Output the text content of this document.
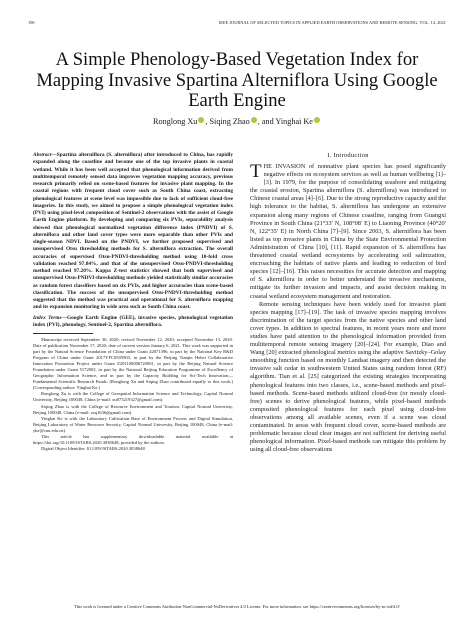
190	IEEE JOURNAL OF SELECTED TOPICS IN APPLIED EARTH OBSERVATIONS AND REMOTE SENSING, VOL. 14, 2021
A Simple Phenology-Based Vegetation Index for Mapping Invasive Spartina Alterniflora Using Google Earth Engine
Ronglong Xu , Siqing Zhao , and Yinghai Ke
Abstract—Spartina alterniflora (S. alterniflora) after introduced to China, has rapidly expanded along the coastline and become one of the top invasive plants in coastal wetland. While it has been well accepted that phenological information derived from multitemporal remotely sensed data improves vegetation mapping accuracy, previous research primarily relied on scene-based features for invasive plant mapping. In the coastal regions with frequent cloud cover such as South China coast, extracting phenological features at scene level was impossible due to lack of sufficient cloud-free imageries. In this study, we aimed to propose a simple phenological vegetation index (PVI) using pixel-level composition of Sentinel-2 observations with the assist of Google Earth Engine platform. By developing and comparing six PVIs, separability analysis showed that phenological normalized vegetation difference index (PNDVI) of S. alterniflora and other land cover types were more separable than other PVIs and single-season NDVI. Based on the PNDVI, we further proposed supervised and unsupervised Otsu thresholding methods for S. alterniflora extraction. The overall accuracies of supervised Otsu-PNDVI-thresholding method using 10-fold cross validation reached 97.84%, and that of the unsupervised Otsu-PNDVI-thresholding method reached 97.20%. Kappa Z-test statistics showed that both supervised and unsupervised Otsu-PNDVI-thresholding methods yielded statistically similar accuracies as random forest classifiers based on six PVIs, and higher accuracies than scene-based classification. The success of the unsupervised Otsu-PNDVI-thresholding method suggested that the method was practical and operational for S. alterniflora mapping and its expansion monitoring in wide area such as South China coast.
Index Terms—Google Earth Engine (GEE), invasive species, phenological vegetation index (PVI), phenology, Sentinel-2, Spartina alterniflora.

Manuscript received September 30, 2020; revised November 12, 2020; accepted November 13, 2020. Date of publication November 17, 2020; date of current version January 6, 2021. This work was supported in part by the Natural Science Foundation of China under Grant 42071396, in part by the National Key R&D Program of China under Grant 2017YFC0505903, in part by the Beijing Tianjin Hebei Collaborative Innovation Promotion Project under Grant Z201100006720001, in part by the Beijing Natural Science Foundation under Grant 5172002, in part by the National Beijing Education Programme of Excellency of Geographic Information Science, and in part by the Capacity Building for Sci-Tech Innovation—Fundamental Scientific Research Funds. (Ronglong Xu and Siqing Zhao contributed equally to this work.) (Corresponding author: Yinghai Ke.)

Ronglong Xu is with the College of Geospatial Information Science and Technology, Capital Normal University, Beijing 100048, China (e-mail: xu875219327@gmail.com).

Siqing Zhao is with the College of Resource Environment and Tourism, Capital Normal University, Beijing 100048, China (e-mail: zsq1636@gmail.com).

Yinghai Ke is with the Laboratory Cultivation Base of Environment Process and Digital Simulation, Beijing Laboratory of Water Resource Security, Capital Normal University, Beijing 100048, China (e-mail: yke@cnu.edu.cn).

This article has supplementary downloadable material available at https://doi.org/10.1109/JSTARS.2020.3038648, provided by the authors.

Digital Object Identifier 10.1109/JSTARS.2020.3038648

I. Introduction

THE INVASION of nonnative plant species has posed significantly negative effects on ecosystem services as well as human wellbeing [1]–[3]. In 1979, for the purpose of consolidating seashore and mitigating the coastal erosion, Spartina alterniflora (S. alterniflora) was introduced to Chinese coastal areas [4]–[6]. Due to the strong reproductive capacity and the high tolerance to the habitat, S. alterniflora has undergone an extensive expansion along many regions of Chinese coastline, ranging from Guangxi Province in South China (21°33′ N, 108°08′ E) to Liaoning Province (40°20′ N, 122°35′ E) in North China [7]–[9]. Since 2003, S. alterniflora has been listed as top invasive plants in China by the State Environmental Protection Administration of China [10], [11]. Rapid expansion of S. alterniflora has threatened coastal wetland ecosystems by accelerating soil salinization, encroaching the habitats of native plants and leading to reduction of bird species [12]–[16]. This raises necessities for accurate detection and mapping of S. alterniflora in order to better understand the invasive mechanisms, mitigate its further invasion and impacts, and assist decision making in coastal wetland ecosystem management and restoration.

Remote sensing techniques have been widely used for invasive plant species mapping [17]–[19]. The task of invasive species mapping involves discrimination of the target species from the native species and other land cover types. In addition to spectral features, in recent years more and more studies have paid attention to the phenological information provided from multitemporal remote sensing imagery [20]–[24]. For example, Diao and Wang [20] extracted phenological metrics using the adaptive Savitzky–Golay smoothing function based on monthly Landsat imagery and then detected the invasive salt cedar in southwestern United States using random forest (RF) algorithm. Tian et al. [25] categorized the existing strategies incorporating phenological features into two classes, i.e., scene-based methods and pixel-based methods. Scene-based methods utilized cloud-free (or mostly cloud-free) scenes to derive phenological features, while pixel-based methods composited phenological features for each pixel using cloud-free observations among all available scenes, even if a scene was cloud contaminated. In areas with frequent cloud cover, scene-based methods are problematic because cloud clear images are not sufficient for deriving useful phenological information. Pixel-based methods can mitigate this problem by using all cloud-free observations

This work is licensed under a Creative Commons Attribution-NonCommercial-NoDerivatives 4.0 License. For more information, see https://creativecommons.org/licenses/by-nc-nd/4.0/
